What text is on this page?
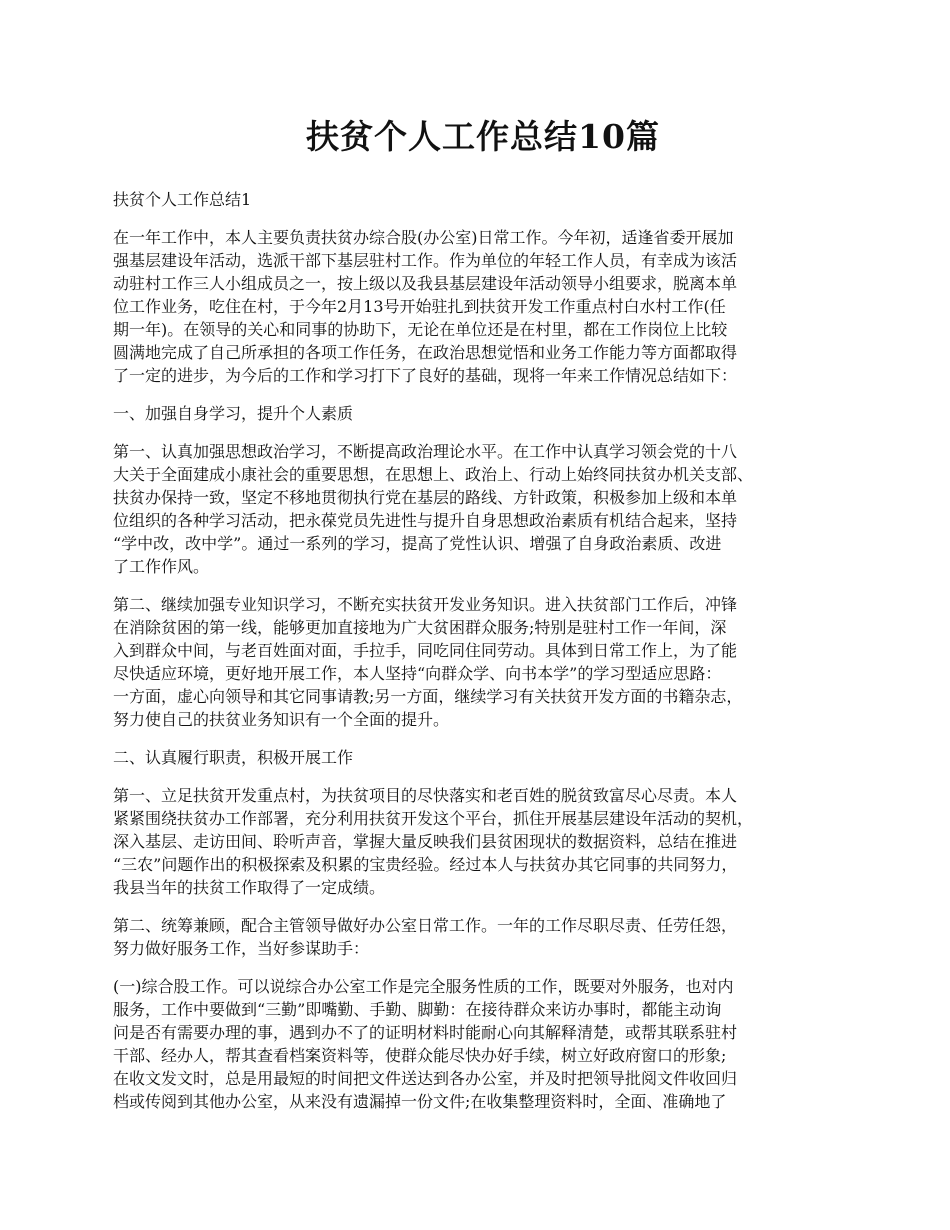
扶贫个人工作总结10篇

扶贫个人工作总结1

在一年工作中，本人主要负责扶贫办综合股(办公室)日常工作。今年初，适逢省委开展加
强基层建设年活动，选派干部下基层驻村工作。作为单位的年轻工作人员，有幸成为该活
动驻村工作三人小组成员之一，按上级以及我县基层建设年活动领导小组要求，脱离本单
位工作业务，吃住在村，于今年2月13号开始驻扎到扶贫开发工作重点村白水村工作(任
期一年)。在领导的关心和同事的协助下，无论在单位还是在村里，都在工作岗位上比较
圆满地完成了自己所承担的各项工作任务，在政治思想觉悟和业务工作能力等方面都取得
了一定的进步，为今后的工作和学习打下了良好的基础，现将一年来工作情况总结如下：

一、加强自身学习，提升个人素质

第一、认真加强思想政治学习，不断提高政治理论水平。在工作中认真学习领会党的十八
大关于全面建成小康社会的重要思想，在思想上、政治上、行动上始终同扶贫办机关支部、
扶贫办保持一致，坚定不移地贯彻执行党在基层的路线、方针政策，积极参加上级和本单
位组织的各种学习活动，把永葆党员先进性与提升自身思想政治素质有机结合起来，坚持
“学中改，改中学”。通过一系列的学习，提高了党性认识、增强了自身政治素质、改进
了工作作风。

第二、继续加强专业知识学习，不断充实扶贫开发业务知识。进入扶贫部门工作后，冲锋
在消除贫困的第一线，能够更加直接地为广大贫困群众服务;特别是驻村工作一年间，深
入到群众中间，与老百姓面对面，手拉手，同吃同住同劳动。具体到日常工作上，为了能
尽快适应环境，更好地开展工作，本人坚持“向群众学、向书本学”的学习型适应思路：
一方面，虚心向领导和其它同事请教;另一方面，继续学习有关扶贫开发方面的书籍杂志，
努力使自己的扶贫业务知识有一个全面的提升。

二、认真履行职责，积极开展工作

第一、立足扶贫开发重点村，为扶贫项目的尽快落实和老百姓的脱贫致富尽心尽责。本人
紧紧围绕扶贫办工作部署，充分利用扶贫开发这个平台，抓住开展基层建设年活动的契机，
深入基层、走访田间、聆听声音，掌握大量反映我们县贫困现状的数据资料，总结在推进
“三农”问题作出的积极探索及积累的宝贵经验。经过本人与扶贫办其它同事的共同努力，
我县当年的扶贫工作取得了一定成绩。

第二、统筹兼顾，配合主管领导做好办公室日常工作。一年的工作尽职尽责、任劳任怨，
努力做好服务工作，当好参谋助手：

(一)综合股工作。可以说综合办公室工作是完全服务性质的工作，既要对外服务，也对内
服务，工作中要做到“三勤”即嘴勤、手勤、脚勤：在接待群众来访办事时，都能主动询
问是否有需要办理的事，遇到办不了的证明材料时能耐心向其解释清楚，或帮其联系驻村
干部、经办人，帮其查看档案资料等，使群众能尽快办好手续，树立好政府窗口的形象;
在收文发文时，总是用最短的时间把文件送达到各办公室，并及时把领导批阅文件收回归
档或传阅到其他办公室，从来没有遗漏掉一份文件;在收集整理资料时，全面、准确地了
